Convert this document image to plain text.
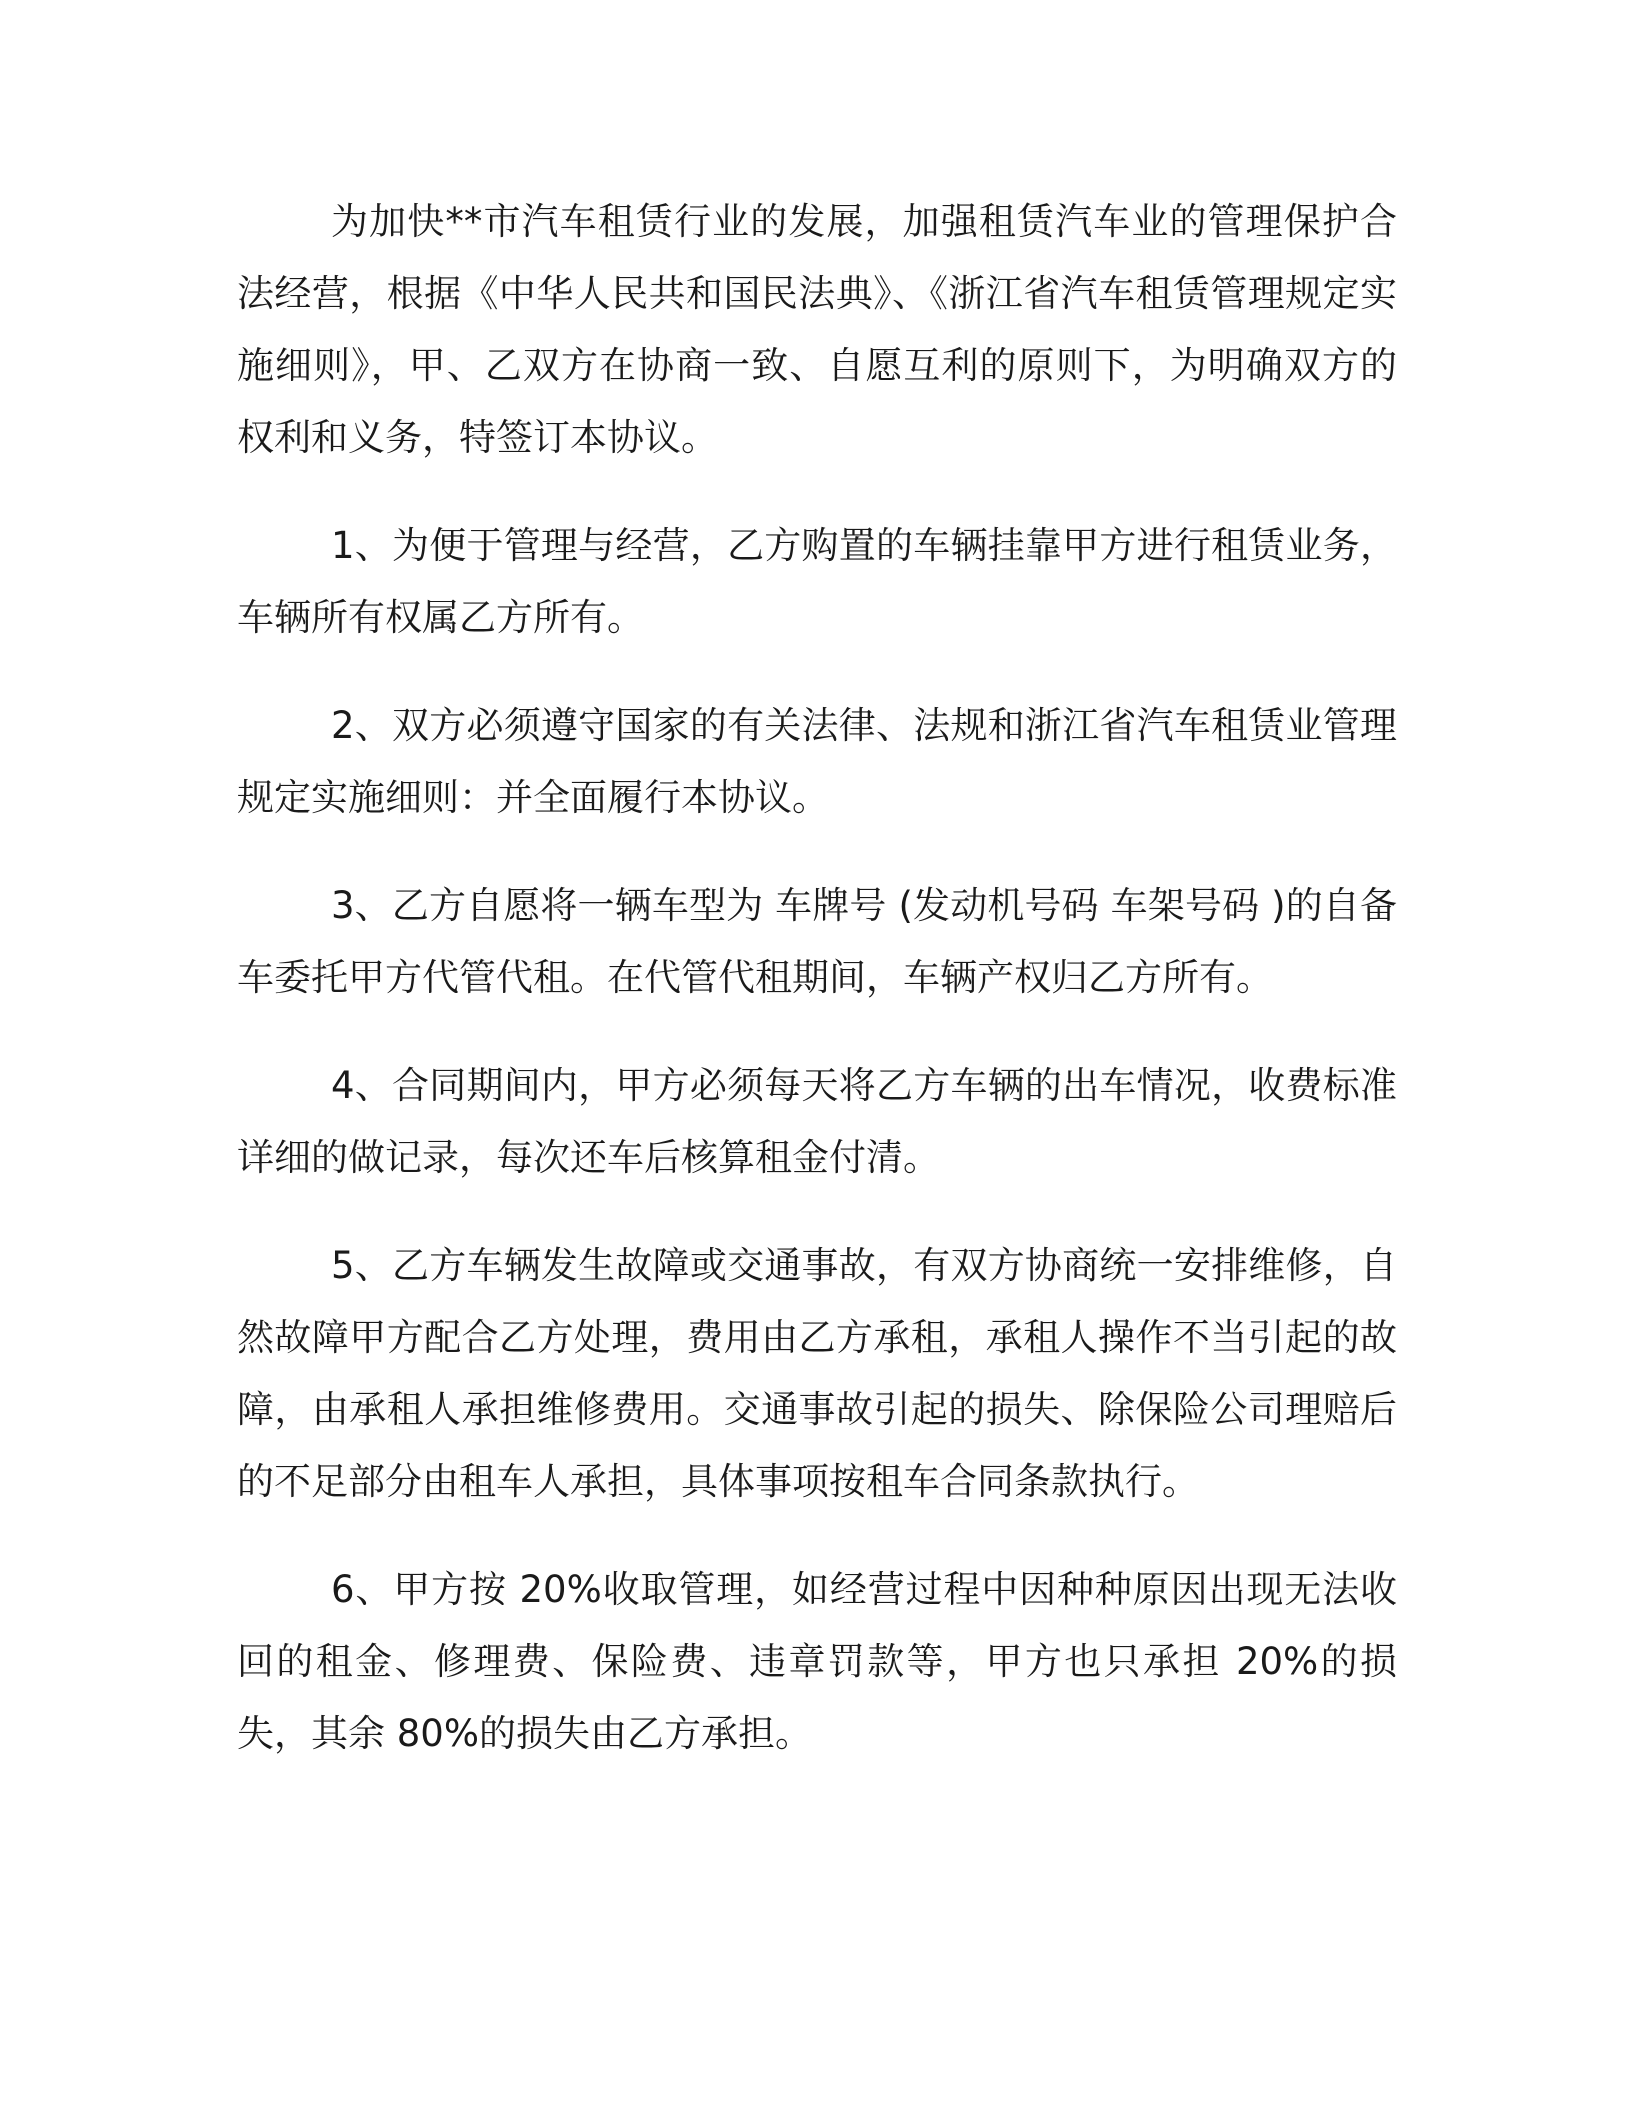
为加快**市汽车租赁行业的发展，加强租赁汽车业的管理保护合法经营，根据《中华人民共和国民法典》、《浙江省汽车租赁管理规定实施细则》，甲、乙双方在协商一致、自愿互利的原则下，为明确双方的权利和义务，特签订本协议。

1、为便于管理与经营，乙方购置的车辆挂靠甲方进行租赁业务，车辆所有权属乙方所有。

2、双方必须遵守国家的有关法律、法规和浙江省汽车租赁业管理规定实施细则：并全面履行本协议。

3、乙方自愿将一辆车型为 车牌号 (发动机号码 车架号码 )的自备车委托甲方代管代租。在代管代租期间，车辆产权归乙方所有。

4、合同期间内，甲方必须每天将乙方车辆的出车情况，收费标准详细的做记录，每次还车后核算租金付清。

5、乙方车辆发生故障或交通事故，有双方协商统一安排维修，自然故障甲方配合乙方处理，费用由乙方承租，承租人操作不当引起的故障，由承租人承担维修费用。交通事故引起的损失、除保险公司理赔后的不足部分由租车人承担，具体事项按租车合同条款执行。

6、甲方按 20%收取管理，如经营过程中因种种原因出现无法收回的租金、修理费、保险费、违章罚款等，甲方也只承担 20%的损失，其余 80%的损失由乙方承担。
